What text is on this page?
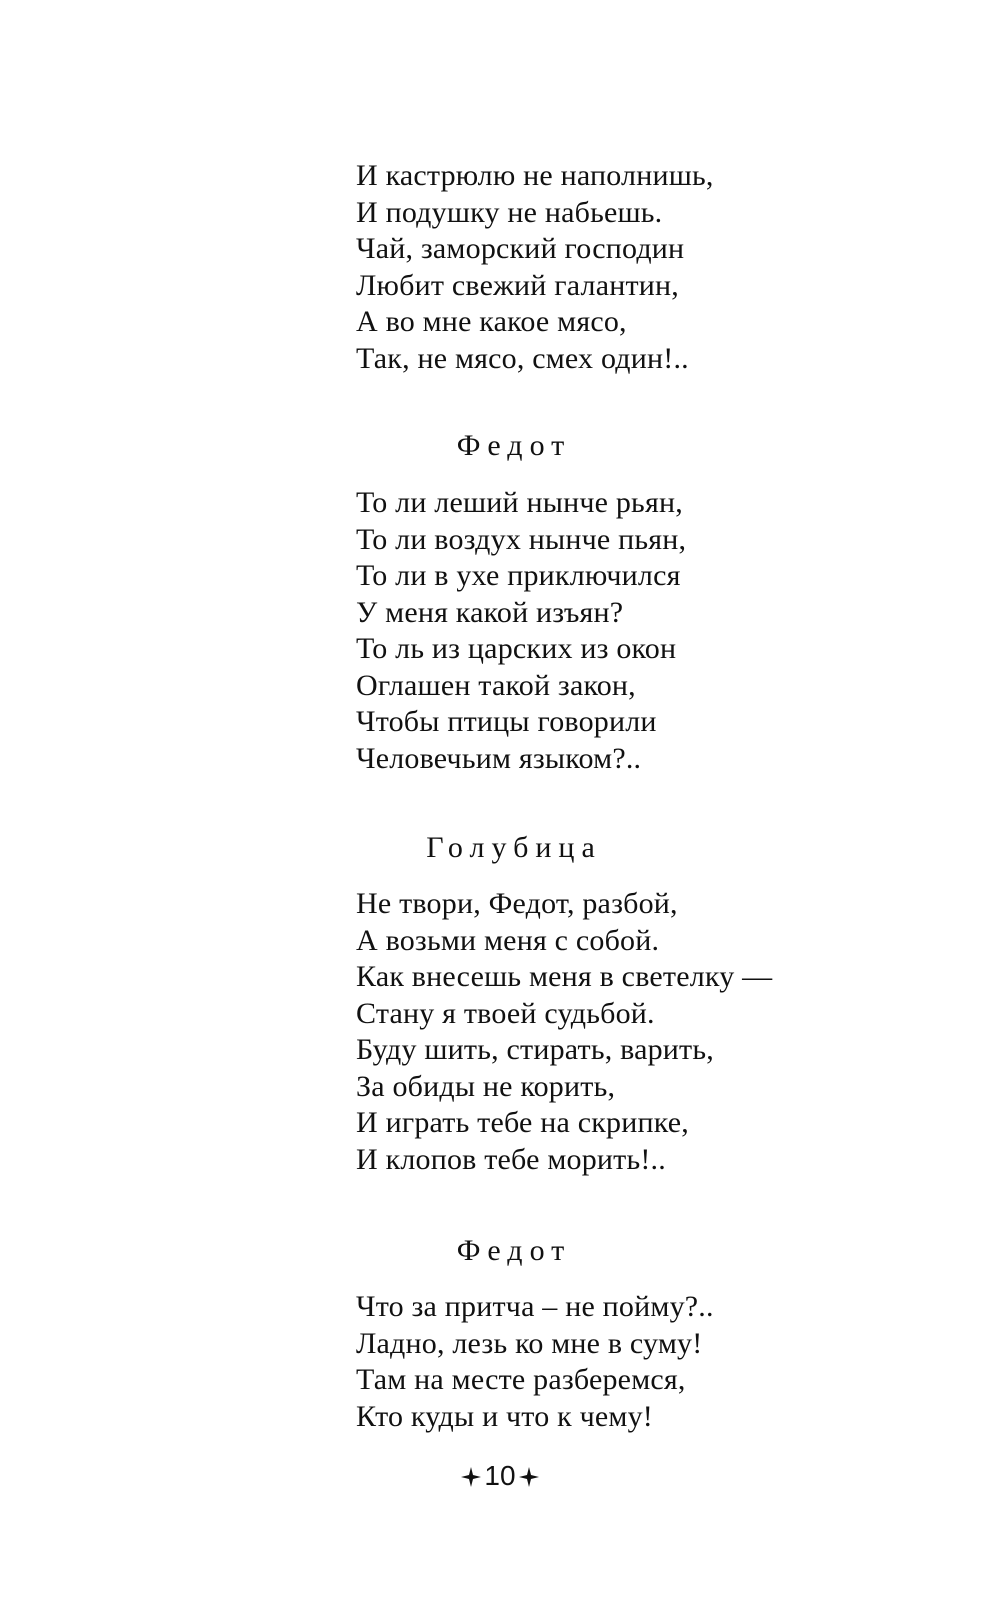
И кастрюлю не наполнишь,
И подушку не набьешь.
Чай, заморский господин
Любит свежий галантин,
А во мне какое мясо,
Так, не мясо, смех один!..
Федот
То ли леший нынче рьян,
То ли воздух нынче пьян,
То ли в ухе приключился
У меня какой изъян?
То ль из царских из окон
Оглашен такой закон,
Чтобы птицы говорили
Человечьим языком?..
Голубица
Не твори, Федот, разбой,
А возьми меня с собой.
Как внесешь меня в светелку —
Стану я твоей судьбой.
Буду шить, стирать, варить,
За обиды не корить,
И играть тебе на скрипке,
И клопов тебе морить!..
Федот
Что за притча – не пойму?..
Ладно, лезь ко мне в суму!
Там на месте разберемся,
Кто куды и что к чему!
10
